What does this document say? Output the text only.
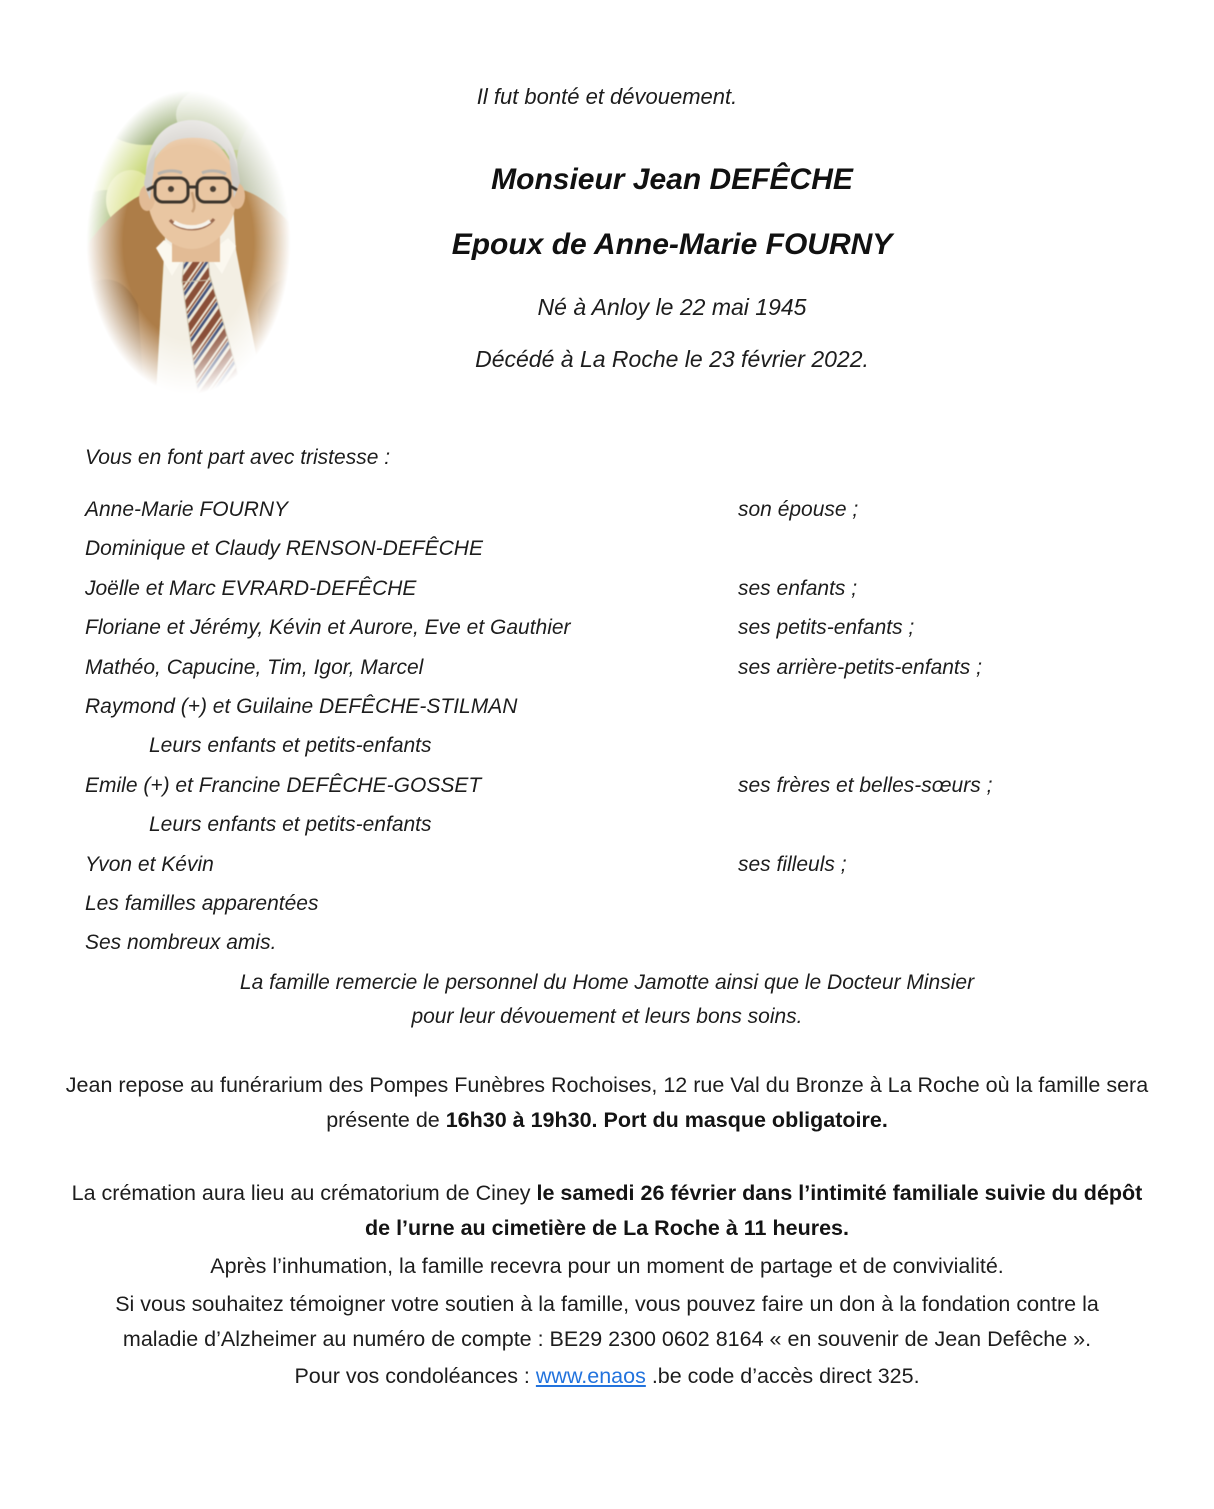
Il fut bonté et dévouement.
Monsieur Jean DEFÊCHE
Epoux de Anne-Marie FOURNY
Né à Anloy le 22 mai 1945
Décédé à La Roche le 23 février 2022.
Vous en font part avec tristesse :
Anne-Marie FOURNY	son épouse ;
Dominique et Claudy RENSON-DEFÊCHE
Joëlle et Marc EVRARD-DEFÊCHE	ses enfants ;
Floriane et Jérémy, Kévin et Aurore, Eve et Gauthier	ses petits-enfants ;
Mathéo, Capucine, Tim, Igor, Marcel	ses arrière-petits-enfants ;
Raymond (+) et Guilaine DEFÊCHE-STILMAN
Leurs enfants et petits-enfants
Emile (+) et Francine DEFÊCHE-GOSSET	ses frères et belles-sœurs ;
Leurs enfants et petits-enfants
Yvon et Kévin	ses filleuls ;
Les familles apparentées
Ses nombreux amis.
La famille remercie le personnel du Home Jamotte ainsi que le Docteur Minsier
pour leur dévouement et leurs bons soins.
Jean repose au funérarium des Pompes Funèbres Rochoises, 12 rue Val du Bronze à La Roche où la famille sera
présente de 16h30 à 19h30. Port du masque obligatoire.
La crémation aura lieu au crématorium de Ciney le samedi 26 février dans l’intimité familiale suivie du dépôt
de l’urne au cimetière de La Roche à 11 heures.
Après l’inhumation, la famille recevra pour un moment de partage et de convivialité.
Si vous souhaitez témoigner votre soutien à la famille, vous pouvez faire un don à la fondation contre la
maladie d’Alzheimer au numéro de compte : BE29 2300 0602 8164 « en souvenir de Jean Defêche ».
Pour vos condoléances : www.enaos .be code d’accès direct 325.
